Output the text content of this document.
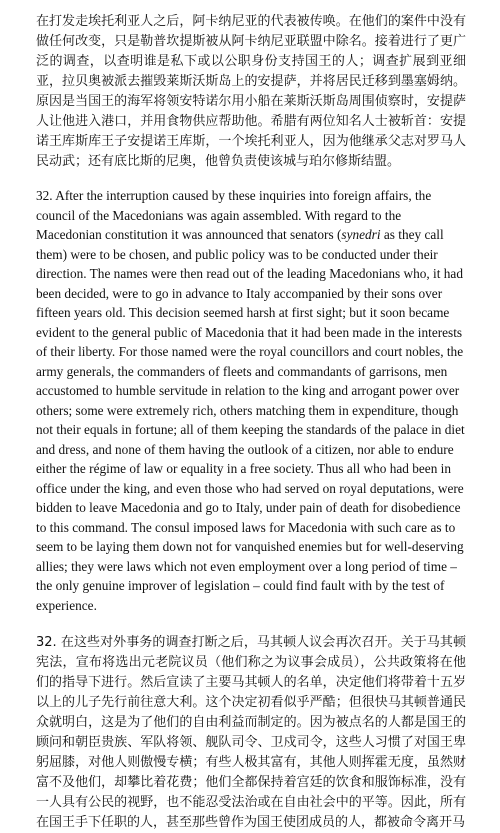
在打发走埃托利亚人之后，阿卡纳尼亚的代表被传唤。在他们的案件中没有做任何改变，只是勒普坎提斯被从阿卡纳尼亚联盟中除名。接着进行了更广泛的调查，以查明谁是私下或以公职身份支持国王的人；调查扩展到亚细亚，拉贝奥被派去摧毁莱斯沃斯岛上的安提萨，并将居民迁移到墨塞姆纳。原因是当国王的海军将领安特诺尔用小船在莱斯沃斯岛周围侦察时，安提萨人让他进入港口，并用食物供应帮助他。希腊有两位知名人士被斩首：安提诺王库斯库王子安提诺王库斯，一个埃托利亚人，因为他继承父志对罗马人民动武；还有底比斯的尼奥，他曾负责使该城与珀尔修斯结盟。

32. After the interruption caused by these inquiries into foreign affairs, the council of the Macedonians was again assembled. With regard to the Macedonian constitution it was announced that senators (synedri as they call them) were to be chosen, and public policy was to be conducted under their direction. The names were then read out of the leading Macedonians who, it had been decided, were to go in advance to Italy accompanied by their sons over fifteen years old. This decision seemed harsh at first sight; but it soon became evident to the general public of Macedonia that it had been made in the interests of their liberty. For those named were the royal councillors and court nobles, the army generals, the commanders of fleets and commandants of garrisons, men accustomed to humble servitude in relation to the king and arrogant power over others; some were extremely rich, others matching them in expenditure, though not their equals in fortune; all of them keeping the standards of the palace in diet and dress, and none of them having the outlook of a citizen, nor able to endure either the régime of law or equality in a free society. Thus all who had been in office under the king, and even those who had served on royal deputations, were bidden to leave Macedonia and go to Italy, under pain of death for disobedience to this command. The consul imposed laws for Macedonia with such care as to seem to be laying them down not for vanquished enemies but for well-deserving allies; they were laws which not even employment over a long period of time – the only genuine improver of legislation – could find fault with by the test of experience.

32. 在这些对外事务的调查打断之后，马其顿人议会再次召开。关于马其顿宪法，宣布将选出元老院议员（他们称之为议事会成员），公共政策将在他们的指导下进行。然后宣读了主要马其顿人的名单，决定他们将带着十五岁以上的儿子先行前往意大利。这个决定初看似乎严酷；但很快马其顿普通民众就明白，这是为了他们的自由利益而制定的。因为被点名的人都是国王的顾问和朝臣贵族、军队将领、舰队司令、卫戍司令，这些人习惯了对国王卑躬屈膝，对他人则傲慢专横；有些人极其富有，其他人则挥霍无度，虽然财富不及他们，却攀比着花费；他们全都保持着宫廷的饮食和服饰标准，没有一人具有公民的视野，也不能忍受法治或在自由社会中的平等。因此，所有在国王手下任职的人，甚至那些曾作为国王使团成员的人，都被命令离开马
